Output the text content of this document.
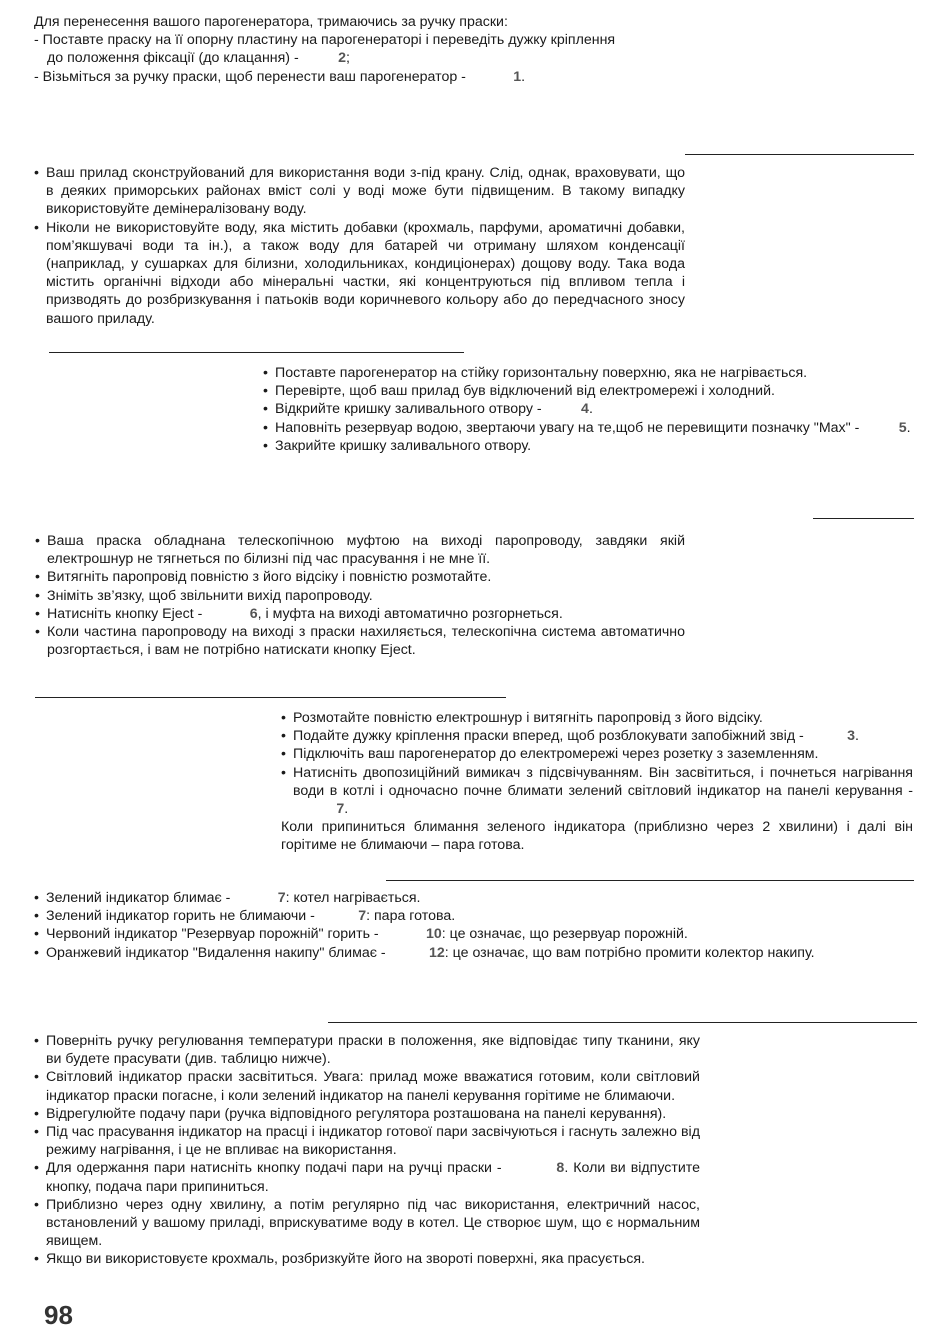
Для перенесення вашого парогенератора, тримаючись за ручку праски:

- Поставте праску на її опорну пластину на парогенераторі і переведіть дужку кріплення

до положення фіксації (до клацання) -	2;

- Візьміться за ручку праски, щоб перенести ваш парогенератор -	1.

• Ваш прилад сконструйований для використання води з-під крану. Слід, однак, враховувати, що в деяких приморських районах вміст солі у воді може бути підвищеним. В такому випадку використовуйте демінералізовану воду.

• Ніколи не використовуйте воду, яка містить добавки (крохмаль, парфуми, ароматичні добавки, пом’якшувачі води та ін.), а також воду для батарей чи отриману шляхом конденсації (наприклад, у сушарках для білизни, холодильниках, кондиціонерах) дощову воду. Така вода містить органічні відходи або мінеральні частки, які концентруються під впливом тепла і призводять до розбризкування і патьоків води коричневого кольору або до передчасного зносу вашого приладу.

• Поставте парогенератор на стійку горизонтальну поверхню, яка не нагрівається.

• Перевірте, щоб ваш прилад був відключений від електромережі і холодний.

• Відкрийте кришку заливального отвору -	4.

• Наповніть резервуар водою, звертаючи увагу на те,щоб не перевищити позначку "Max" -	5.

• Закрийте кришку заливального отвору.

• Ваша праска обладнана телескопічною муфтою на виході паропроводу, завдяки якій електрошнур не тягнеться по білизні під час прасування і не мне її.

• Витягніть паропровід повністю з його відсіку і повністю розмотайте.

• Зніміть зв’язку, щоб звільнити вихід паропроводу.

• Натисніть кнопку Eject -	6, і муфта на виході автоматично розгорнеться.

• Коли частина паропроводу на виході з праски нахиляється, телескопічна система автоматично розгортається, і вам не потрібно натискати кнопку Eject.

• Розмотайте повністю електрошнур і витягніть паропровід з його відсіку.

• Подайте дужку кріплення праски вперед, щоб розблокувати запобіжний звід -	3.

• Підключіть ваш парогенератор до електромережі через розетку з заземленням.

• Натисніть двопозиційний вимикач з підсвічуванням. Він засвітиться, і почнеться нагрівання води в котлі і одночасно почне блимати зелений світловий індикатор на панелі керування -           7.

Коли припиниться блимання зеленого індикатора (приблизно через 2 хвилини) і далі він горітиме не блимаючи – пара готова.

• Зелений індикатор блимає -	7: котел нагрівається.

• Зелений індикатор горить не блимаючи -	7: пара готова.

• Червоний індикатор "Резервуар порожній" горить -	10: це означає, що резервуар порожній.

• Оранжевий індикатор "Видалення накипу" блимає -	12: це означає, що вам потрібно промити колектор накипу.

• Поверніть ручку регулювання температури праски в положення, яке відповідає типу тканини, яку ви будете прасувати (див. таблицю нижче).

• Світловий індикатор праски засвітиться. Увага: прилад може вважатися готовим, коли світловий індикатор праски погасне, і коли зелений індикатор на панелі керування горітиме не блимаючи.

• Відрегулюйте подачу пари (ручка відповідного регулятора розташована на панелі керування).

• Під час прасування індикатор на прасці і індикатор готової пари засвічуються і гаснуть залежно від режиму нагрівання, і це не впливає на використання.

• Для одержання пари натисніть кнопку подачі пари на ручці праски -	8. Коли ви відпустите кнопку, подача пари припиниться.

• Приблизно через одну хвилину, а потім регулярно під час використання, електричний насос, встановлений у вашому приладі, вприскуватиме воду в котел. Це створює шум, що є нормальним явищем.

• Якщо ви використовуєте крохмаль, розбризкуйте його на звороті поверхні, яка прасується.

98
